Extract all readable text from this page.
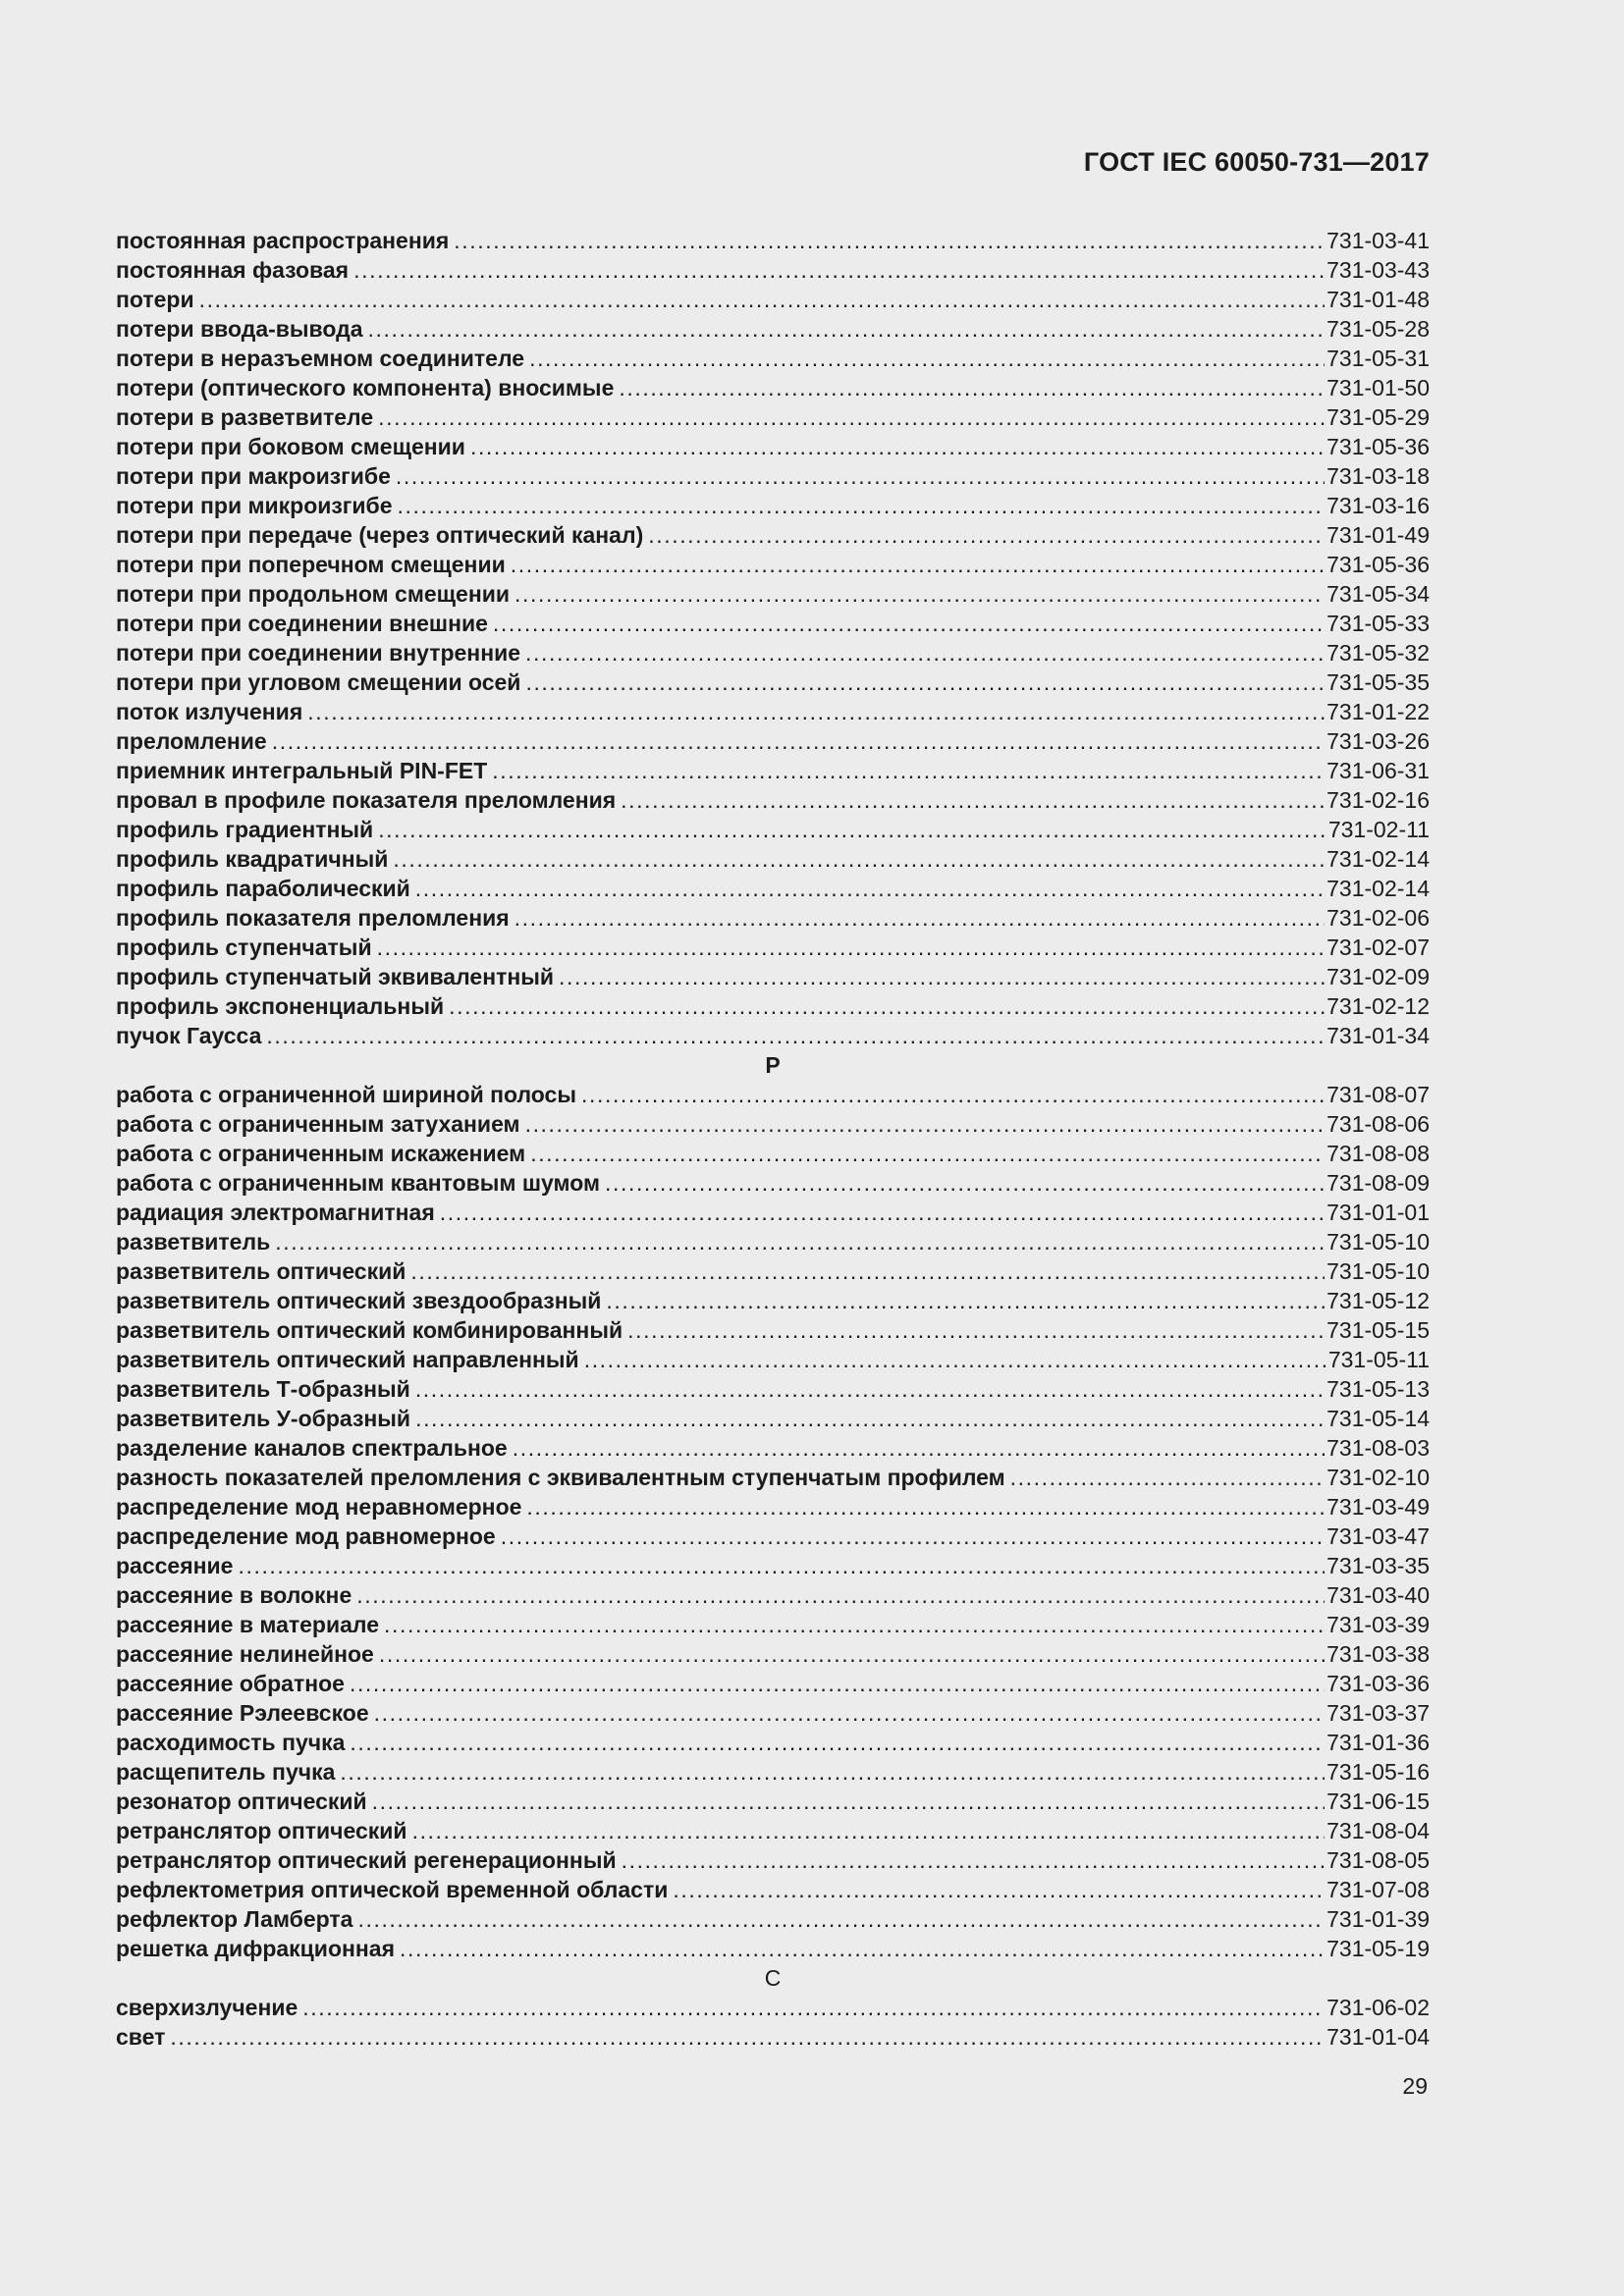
ГОСТ IEC 60050-731—2017
постоянная распространения .....	731-03-41
постоянная фазовая .....	731-03-43
потери .....	731-01-48
потери ввода-вывода .....	731-05-28
потери в неразъемном соединителе .....	731-05-31
потери (оптического компонента) вносимые .....	731-01-50
потери в разветвителе .....	731-05-29
потери при боковом смещении .....	731-05-36
потери при макроизгибе .....	731-03-18
потери при микроизгибе .....	731-03-16
потери при передаче (через оптический канал) .....	731-01-49
потери при поперечном смещении .....	731-05-36
потери при продольном смещении .....	731-05-34
потери при соединении внешние .....	731-05-33
потери при соединении внутренние .....	731-05-32
потери при угловом смещении осей .....	731-05-35
поток излучения .....	731-01-22
преломление .....	731-03-26
приемник интегральный PIN-FET .....	731-06-31
провал в профиле показателя преломления .....	731-02-16
профиль градиентный .....	731-02-11
профиль квадратичный .....	731-02-14
профиль параболический .....	731-02-14
профиль показателя преломления .....	731-02-06
профиль ступенчатый .....	731-02-07
профиль ступенчатый эквивалентный .....	731-02-09
профиль экспоненциальный .....	731-02-12
пучок Гаусса .....	731-01-34
Р
работа с ограниченной шириной полосы .....	731-08-07
работа с ограниченным затуханием .....	731-08-06
работа с ограниченным искажением .....	731-08-08
работа с ограниченным квантовым шумом .....	731-08-09
радиация электромагнитная .....	731-01-01
разветвитель .....	731-05-10
разветвитель оптический .....	731-05-10
разветвитель оптический звездообразный .....	731-05-12
разветвитель оптический комбинированный .....	731-05-15
разветвитель оптический направленный .....	731-05-11
разветвитель Т-образный .....	731-05-13
разветвитель У-образный .....	731-05-14
разделение каналов спектральное .....	731-08-03
разность показателей преломления с эквивалентным ступенчатым профилем .....	731-02-10
распределение мод неравномерное .....	731-03-49
распределение мод равномерное .....	731-03-47
рассеяние .....	731-03-35
рассеяние в волокне .....	731-03-40
рассеяние в материале .....	731-03-39
рассеяние нелинейное .....	731-03-38
рассеяние обратное .....	731-03-36
рассеяние Рэлеевское .....	731-03-37
расходимость пучка .....	731-01-36
расщепитель пучка .....	731-05-16
резонатор оптический .....	731-06-15
ретранслятор оптический .....	731-08-04
ретранслятор оптический регенерационный .....	731-08-05
рефлектометрия оптической временной области .....	731-07-08
рефлектор Ламберта .....	731-01-39
решетка дифракционная .....	731-05-19
С
сверхизлучение .....	731-06-02
свет .....	731-01-04
29
